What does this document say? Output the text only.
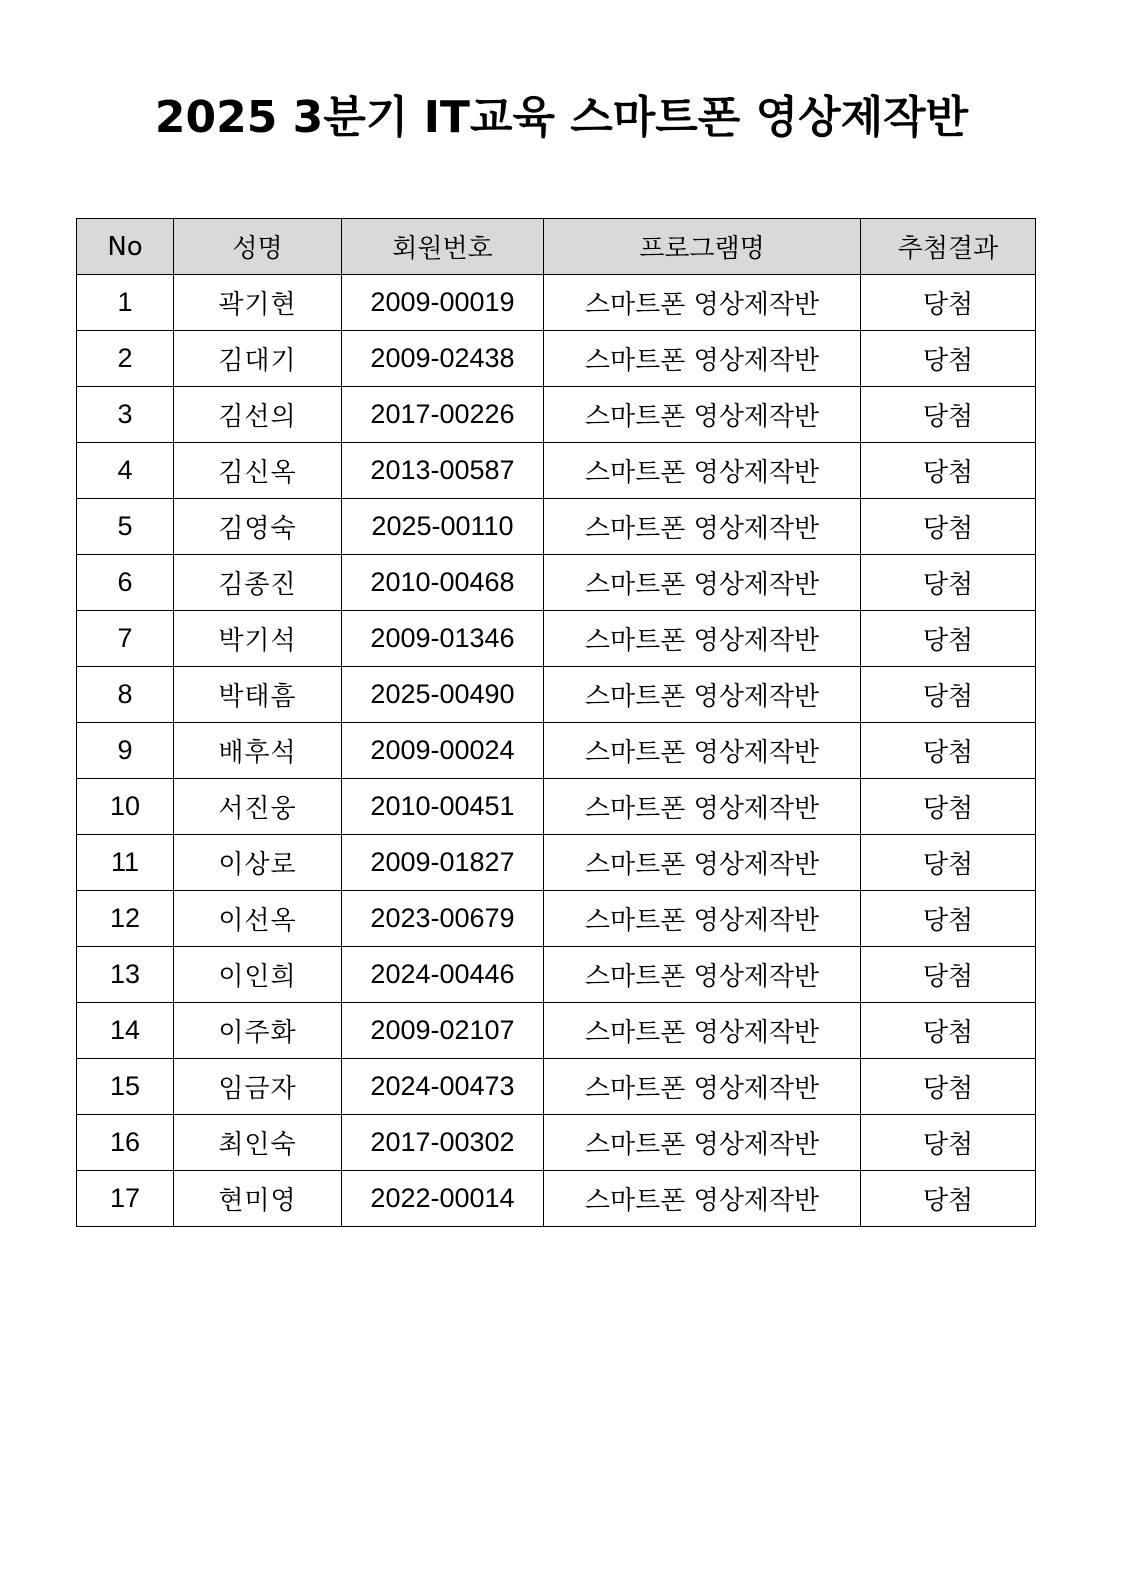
2025 3분기 IT교육 스마트폰 영상제작반
No	성명	회원번호	프로그램명	추첨결과
1	곽기현	2009-00019	스마트폰 영상제작반	당첨
2	김대기	2009-02438	스마트폰 영상제작반	당첨
3	김선의	2017-00226	스마트폰 영상제작반	당첨
4	김신옥	2013-00587	스마트폰 영상제작반	당첨
5	김영숙	2025-00110	스마트폰 영상제작반	당첨
6	김종진	2010-00468	스마트폰 영상제작반	당첨
7	박기석	2009-01346	스마트폰 영상제작반	당첨
8	박태흠	2025-00490	스마트폰 영상제작반	당첨
9	배후석	2009-00024	스마트폰 영상제작반	당첨
10	서진웅	2010-00451	스마트폰 영상제작반	당첨
11	이상로	2009-01827	스마트폰 영상제작반	당첨
12	이선옥	2023-00679	스마트폰 영상제작반	당첨
13	이인희	2024-00446	스마트폰 영상제작반	당첨
14	이주화	2009-02107	스마트폰 영상제작반	당첨
15	임금자	2024-00473	스마트폰 영상제작반	당첨
16	최인숙	2017-00302	스마트폰 영상제작반	당첨
17	현미영	2022-00014	스마트폰 영상제작반	당첨
